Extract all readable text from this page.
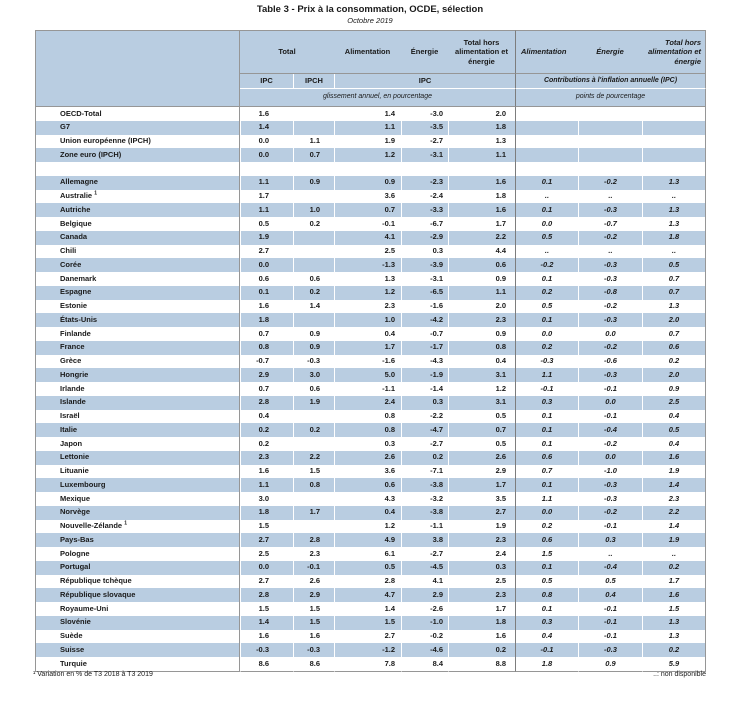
Table 3 - Prix à la consommation, OCDE, sélection
Octobre 2019
	Total		Alimentation	Énergie	Total hors alimentation et énergie	Alimentation	Énergie	Total hors alimentation et énergie
	IPC	IPCH	IPC			Contributions à l'inflation annuelle (IPC)		
	glissement annuel, en pourcentage					points de pourcentage		
OECD-Total	1.6		1.4	-3.0	2.0			
G7	1.4		1.1	-3.5	1.8			
Union européenne (IPCH)	0.0	1.1	1.9	-2.7	1.3			
Zone euro (IPCH)	0.0	0.7	1.2	-3.1	1.1			

Allemagne	1.1	0.9	0.9	-2.3	1.6	0.1	-0.2	1.3
Australie $^1$	1.7		3.6	-2.4	1.8	..	..	..
Autriche	1.1	1.0	0.7	-3.3	1.6	0.1	-0.3	1.3
Belgique	0.5	0.2	-0.1	-6.7	1.7	0.0	-0.7	1.3
Canada	1.9		4.1	-2.9	2.2	0.5	-0.2	1.8
Chili	2.7		2.5	0.3	4.4	..	..	..
Corée	0.0		-1.3	-3.9	0.6	-0.2	-0.3	0.5
Danemark	0.6	0.6	1.3	-3.1	0.9	0.1	-0.3	0.7
Espagne	0.1	0.2	1.2	-6.5	1.1	0.2	-0.8	0.7
Estonie	1.6	1.4	2.3	-1.6	2.0	0.5	-0.2	1.3
États-Unis	1.8		1.0	-4.2	2.3	0.1	-0.3	2.0
Finlande	0.7	0.9	0.4	-0.7	0.9	0.0	0.0	0.7
France	0.8	0.9	1.7	-1.7	0.8	0.2	-0.2	0.6
Grèce	-0.7	-0.3	-1.6	-4.3	0.4	-0.3	-0.6	0.2
Hongrie	2.9	3.0	5.0	-1.9	3.1	1.1	-0.3	2.0
Irlande	0.7	0.6	-1.1	-1.4	1.2	-0.1	-0.1	0.9
Islande	2.8	1.9	2.4	0.3	3.1	0.3	0.0	2.5
Israël	0.4		0.8	-2.2	0.5	0.1	-0.1	0.4
Italie	0.2	0.2	0.8	-4.7	0.7	0.1	-0.4	0.5
Japon	0.2		0.3	-2.7	0.5	0.1	-0.2	0.4
Lettonie	2.3	2.2	2.6	0.2	2.6	0.6	0.0	1.6
Lituanie	1.6	1.5	3.6	-7.1	2.9	0.7	-1.0	1.9
Luxembourg	1.1	0.8	0.6	-3.8	1.7	0.1	-0.3	1.4
Mexique	3.0		4.3	-3.2	3.5	1.1	-0.3	2.3
Norvège	1.8	1.7	0.4	-3.8	2.7	0.0	-0.2	2.2
Nouvelle-Zélande $^1$	1.5		1.2	-1.1	1.9	0.2	-0.1	1.4
Pays-Bas	2.7	2.8	4.9	3.8	2.3	0.6	0.3	1.9
Pologne	2.5	2.3	6.1	-2.7	2.4	1.5	..	..
Portugal	0.0	-0.1	0.5	-4.5	0.3	0.1	-0.4	0.2
République tchèque	2.7	2.6	2.8	4.1	2.5	0.5	0.5	1.7
République slovaque	2.8	2.9	4.7	2.9	2.3	0.8	0.4	1.6
Royaume-Uni	1.5	1.5	1.4	-2.6	1.7	0.1	-0.1	1.5
Slovénie	1.4	1.5	1.5	-1.0	1.8	0.3	-0.1	1.3
Suède	1.6	1.6	2.7	-0.2	1.6	0.4	-0.1	1.3
Suisse	-0.3	-0.3	-1.2	-4.6	0.2	-0.1	-0.3	0.2
Turquie	8.6	8.6	7.8	8.4	8.8	1.8	0.9	5.9
¹ Variation en % de T3 2018 à T3 2019	..: non disponible
